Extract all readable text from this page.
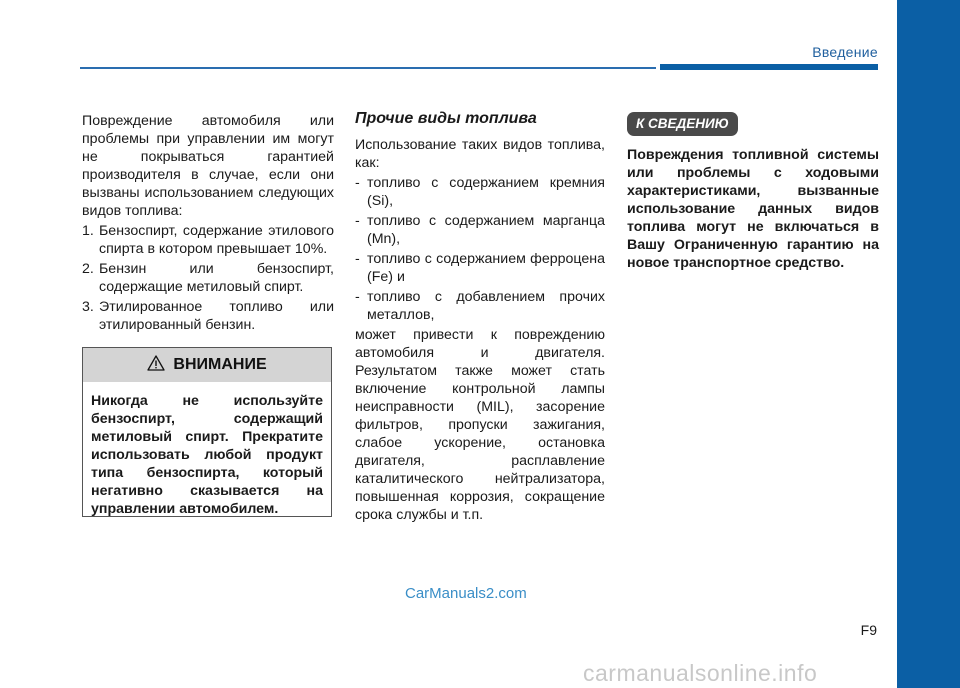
Введение

Повреждение автомобиля или проблемы при управлении им могут не покрываться гарантией производителя в случае, если они вызваны использованием следующих видов топлива:

1. Бензоспирт, содержание этилового спирта в котором превышает 10%.
2. Бензин или бензоспирт, содержащие метиловый спирт.
3. Этилированное топливо или этилированный бензин.
ВНИМАНИЕ
Никогда не используйте бензоспирт, содержащий метиловый спирт. Прекратите использовать любой продукт типа бензоспирта, который негативно сказывается на управлении автомобилем.
Прочие виды топлива

Использование таких видов топлива, как:

- топливо с содержанием кремния (Si),
- топливо с содержанием марганца (Mn),
- топливо с содержанием ферроцена (Fe) и
- топливо с добавлением прочих металлов,

может привести к повреждению автомобиля и двигателя. Результатом также может стать включение контрольной лампы неисправности (MIL), засорение фильтров, пропуски зажигания, слабое ускорение, остановка двигателя, расплавление каталитического нейтрализатора, повышенная коррозия, сокращение срока службы и т.п.

К СВЕДЕНИЮ

Повреждения топливной системы или проблемы с ходовыми характеристиками, вызванные использование данных видов топлива могут не включаться в Вашу Ограниченную гарантию на новое транспортное средство.

CarManuals2.com
F9
carmanualsonline.info
